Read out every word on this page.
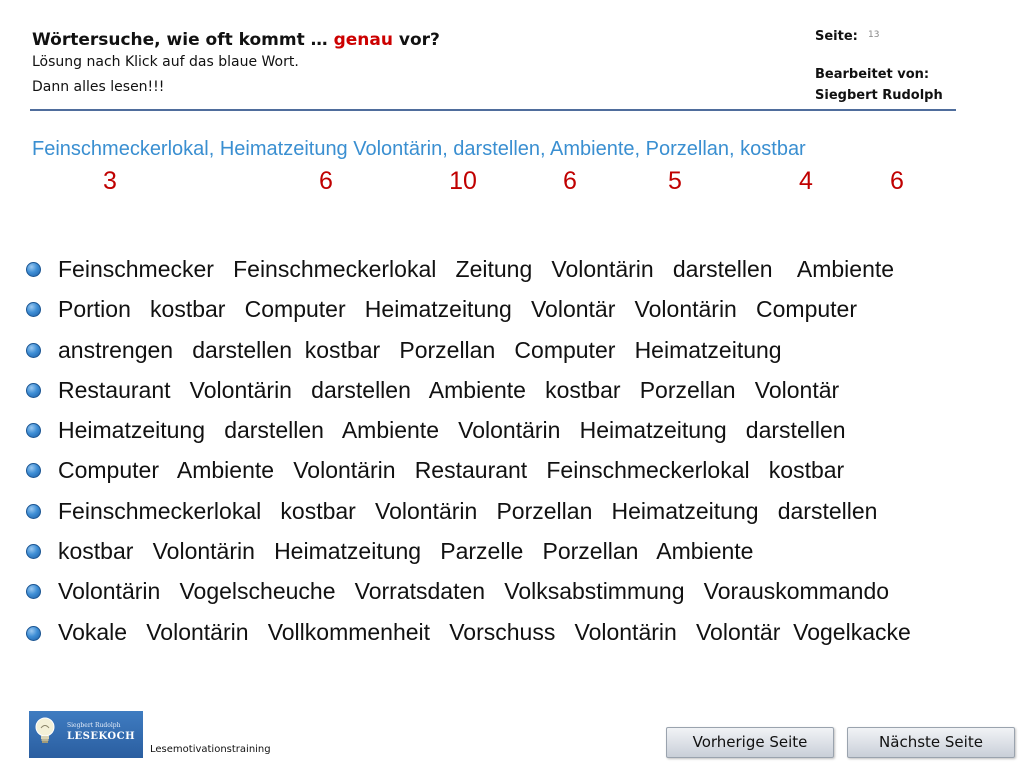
Wörtersuche, wie oft kommt … genau vor?
Lösung nach Klick auf das blaue Wort.
Dann alles lesen!!!
Seite: 13
Bearbeitet von:
Siegbert Rudolph
Feinschmeckerlokal, Heimatzeitung Volontärin, darstellen, Ambiente, Porzellan, kostbar
3	6	10	6	5	4	6
Feinschmecker   Feinschmeckerlokal   Zeitung   Volontärin   darstellen    Ambiente
Portion   kostbar   Computer   Heimatzeitung   Volontär   Volontärin   Computer
anstrengen   darstellen  kostbar   Porzellan   Computer   Heimatzeitung
Restaurant   Volontärin   darstellen   Ambiente   kostbar   Porzellan   Volontär
Heimatzeitung   darstellen   Ambiente   Volontärin   Heimatzeitung   darstellen
Computer   Ambiente   Volontärin   Restaurant   Feinschmeckerlokal   kostbar
Feinschmeckerlokal   kostbar   Volontärin   Porzellan   Heimatzeitung   darstellen
kostbar   Volontärin   Heimatzeitung   Parzelle   Porzellan   Ambiente
Volontärin   Vogelscheuche   Vorratsdaten   Volksabstimmung   Vorauskommando
Vokale   Volontärin   Vollkommenheit   Vorschuss   Volontärin   Volontär  Vogelkacke
Siegbert Rudolph
LESEKOCH
Lesemotivationstraining	Vorherige Seite	Nächste Seite
